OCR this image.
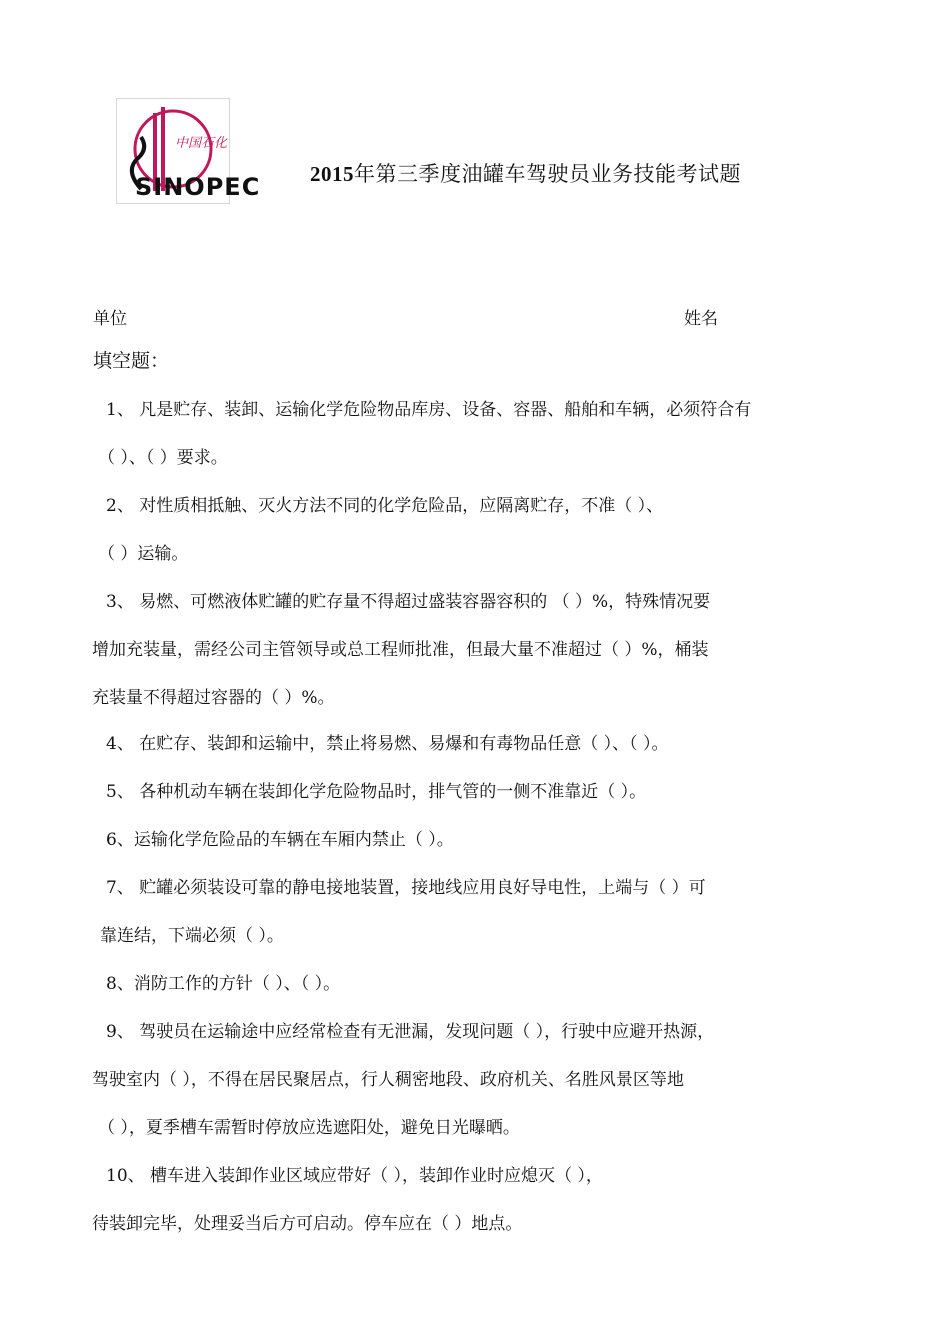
中国石化
SINOPEC 2015年第三季度油罐车驾驶员业务技能考试题
单位	姓名
填空题：
1、 凡是贮存、装卸、运输化学危险物品库房、设备、容器、船舶和车辆，必须符合有
（ ）、（ ）要求。
2、 对性质相抵触、灭火方法不同的化学危险品，应隔离贮存，不准（ ）、
（ ）运输。
3、 易燃、可燃液体贮罐的贮存量不得超过盛装容器容积的 （ ）%，特殊情况要
增加充装量，需经公司主管领导或总工程师批准，但最大量不准超过（ ）%，桶装
充装量不得超过容器的（ ）%。
4、 在贮存、装卸和运输中，禁止将易燃、易爆和有毒物品任意（ ）、（ ）。
5、 各种机动车辆在装卸化学危险物品时，排气管的一侧不准靠近（ ）。
6、运输化学危险品的车辆在车厢内禁止（ ）。
7、 贮罐必须装设可靠的静电接地装置，接地线应用良好导电性，上端与（ ）可
靠连结，下端必须（ ）。
8、消防工作的方针（ ）、（ ）。
9、 驾驶员在运输途中应经常检查有无泄漏，发现问题（ ），行驶中应避开热源，
驾驶室内（ ），不得在居民聚居点，行人稠密地段、政府机关、名胜风景区等地
（ ），夏季槽车需暂时停放应选遮阳处，避免日光曝晒。
10、 槽车进入装卸作业区域应带好（ ），装卸作业时应熄灭（ ），
待装卸完毕，处理妥当后方可启动。停车应在（ ）地点。
